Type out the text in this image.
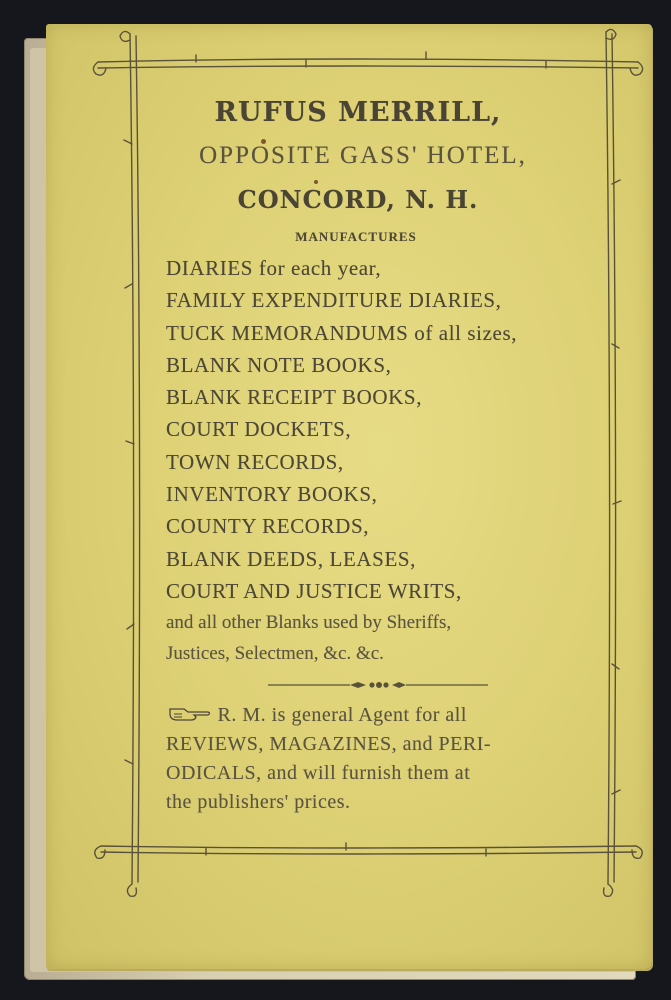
RUFUS MERRILL,
OPPOSITE GASS' HOTEL,
CONCORD, N. H.
MANUFACTURES
DIARIES for each year,
FAMILY EXPENDITURE DIARIES,
TUCK MEMORANDUMS of all sizes,
BLANK NOTE BOOKS,
BLANK RECEIPT BOOKS,
COURT DOCKETS,
TOWN RECORDS,
INVENTORY BOOKS,
COUNTY RECORDS,
BLANK DEEDS, LEASES,
COURT AND JUSTICE WRITS,
and all other Blanks used by Sheriffs,
Justices, Selectmen, &c. &c.
R. M. is general Agent for all
REVIEWS, MAGAZINES, and PERI-
ODICALS, and will furnish them at
the publishers' prices.
